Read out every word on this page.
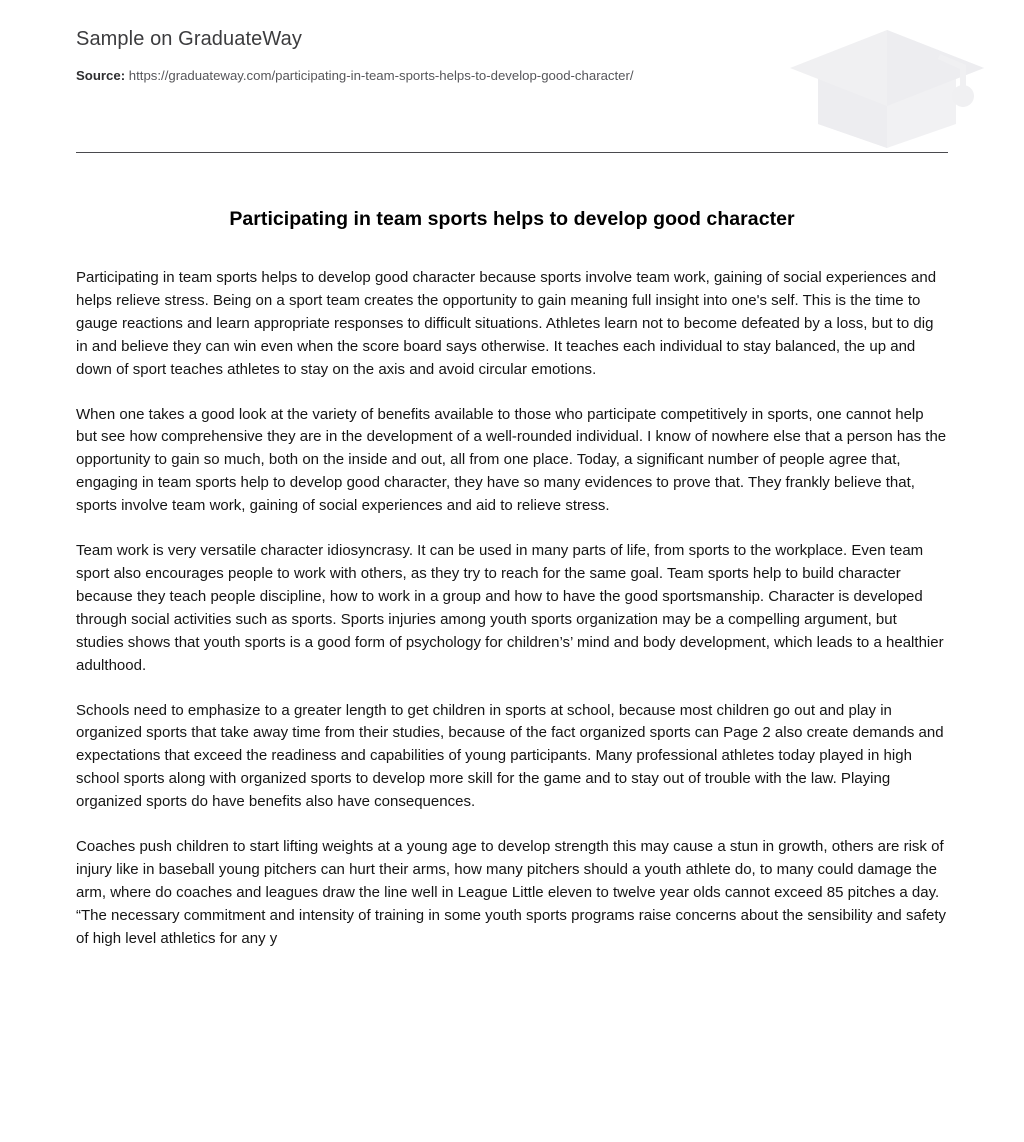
Sample on GraduateWay
Source: https://graduateway.com/participating-in-team-sports-helps-to-develop-good-character/
Participating in team sports helps to develop good character

Participating in team sports helps to develop good character because sports involve team work, gaining of social experiences and helps relieve stress. Being on a sport team creates the opportunity to gain meaning full insight into one's self. This is the time to gauge reactions and learn appropriate responses to difficult situations. Athletes learn not to become defeated by a loss, but to dig in and believe they can win even when the score board says otherwise. It teaches each individual to stay balanced, the up and down of sport teaches athletes to stay on the axis and avoid circular emotions.

When one takes a good look at the variety of benefits available to those who participate competitively in sports, one cannot help but see how comprehensive they are in the development of a well-rounded individual. I know of nowhere else that a person has the opportunity to gain so much, both on the inside and out, all from one place. Today, a significant number of people agree that, engaging in team sports help to develop good character, they have so many evidences to prove that. They frankly believe that, sports involve team work, gaining of social experiences and aid to relieve stress.

Team work is very versatile character idiosyncrasy. It can be used in many parts of life, from sports to the workplace. Even team sport also encourages people to work with others, as they try to reach for the same goal. Team sports help to build character because they teach people discipline, how to work in a group and how to have the good sportsmanship. Character is developed through social activities such as sports. Sports injuries among youth sports organization may be a compelling argument, but studies shows that youth sports is a good form of psychology for children’s’ mind and body development, which leads to a healthier adulthood.

Schools need to emphasize to a greater length to get children in sports at school, because most children go out and play in organized sports that take away time from their studies, because of the fact organized sports can Page 2 also create demands and expectations that exceed the readiness and capabilities of young participants. Many professional athletes today played in high school sports along with organized sports to develop more skill for the game and to stay out of trouble with the law. Playing organized sports do have benefits also have consequences.

Coaches push children to start lifting weights at a young age to develop strength this may cause a stun in growth, others are risk of injury like in baseball young pitchers can hurt their arms, how many pitchers should a youth athlete do, to many could damage the arm, where do coaches and leagues draw the line well in League Little eleven to twelve year olds cannot exceed 85 pitches a day. “The necessary commitment and intensity of training in some youth sports programs raise concerns about the sensibility and safety of high level athletics for any y
